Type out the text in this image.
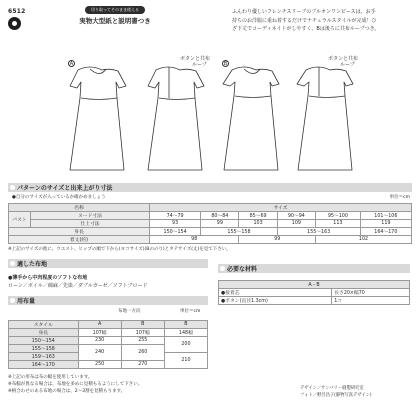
6512	切り取ってそのまま使える
実物大型紙と説明書つき
ふんわり優しいフレンチスリーブのプルオンワンピースは、お手
持ちのお洋服に重ね着するだけでナチュラルスタイルが完成！ひ
ざ下丈でコーディネイトがしやすく、Bは後ろに共布ループつき。
A	B
ボタンと共布
ループ
ボタンと共布
ループ
パターンのサイズと出来上がり寸法
●自分のサイズが入っているか確かめましょう	単位＝cm
名称		サイズ					
バスト	ヌード寸法	74〜79	80〜84	85〜69	90〜94	95〜100	101〜106
	仕上寸法	93	99	103	109	113	119
身長		150〜154	155〜158		155〜163		164〜170
着丈(約)		98		99		102	
※上記のサイズの他に、ウエスト、ヒップの順で下から(ヨコサイズ)(Bののり)とタテサイズ(丈)を見て下さい。
適した布地
●薄手から中肉程度のソフトな布地
ローン／ボイル／綿麻／先染／ダブルガーゼ／ソフトブロード
必要な材料
A・B	
●接着芯	長さ20×幅70
●ボタン(直径1.3cm)	1コ
用布量
布地一方向	単位＝cm
スタイル	A	B	B
身長	107幅	107幅	148幅
150〜154	230	255	200
155〜158	240	260	
159〜163			210
164〜170	250	270	
※上記の用布は布の幅を使用しています。
※布幅が異なる場合は、布地を多めに見積もるようにして下さい。
※柄合わせのある布地の場合は、2〜3割を見積もります。
デザイン／サンバリー縫製研究室
フォト／野呂昌子(静物写真デザイン)
